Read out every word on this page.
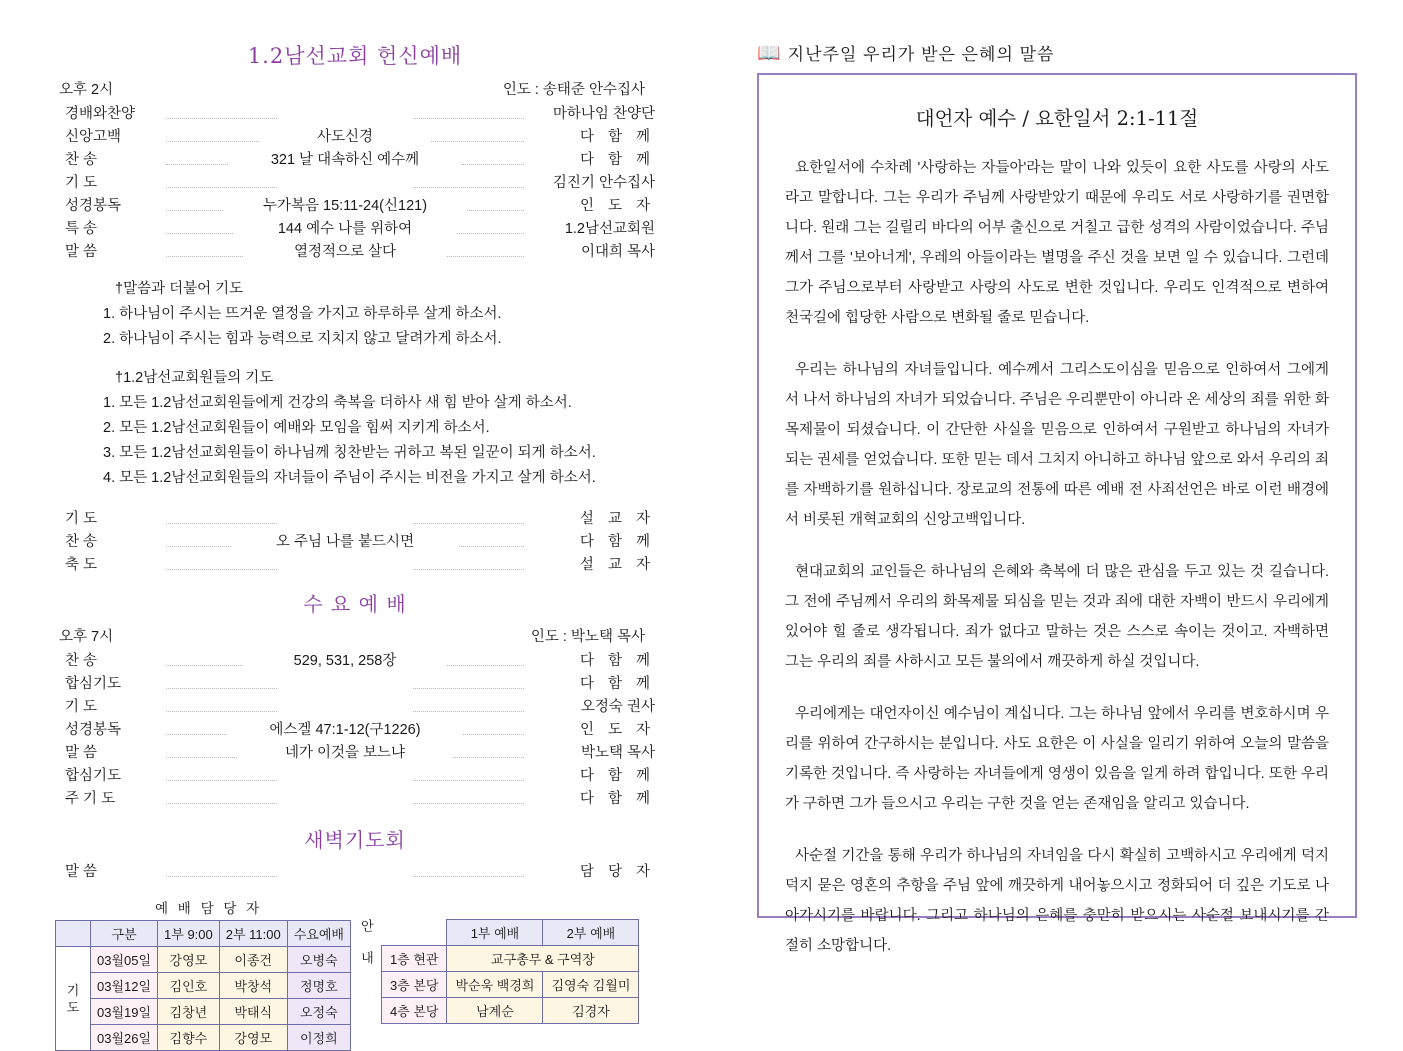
1.2남선교회 헌신예배
오후 2시	인도 : 송태준 안수집사
경배와찬양	마하나임 찬양단
신앙고백	사도신경	다 함 께
찬 송	321 날 대속하신 예수께	다 함 께
기 도	김진기 안수집사
성경봉독	누가복음 15:11-24(신121)	인 도 자
특 송	144 예수 나를 위하여	1.2남선교회원
말 씀	열정적으로 살다	이대희 목사
†말씀과 더불어 기도
1. 하나님이 주시는 뜨거운 열정을 가지고 하루하루 살게 하소서.
2. 하나님이 주시는 힘과 능력으로 지치지 않고 달려가게 하소서.
†1.2남선교회원들의 기도
1. 모든 1.2남선교회원들에게 건강의 축복을 더하사 새 힘 받아 살게 하소서.
2. 모든 1.2남선교회원들이 예배와 모임을 힘써 지키게 하소서.
3. 모든 1.2남선교회원들이 하나님께 칭찬받는 귀하고 복된 일꾼이 되게 하소서.
4. 모든 1.2남선교회원들의 자녀들이 주님이 주시는 비전을 가지고 살게 하소서.
기 도	설 교 자
찬 송	오 주님 나를 붙드시면	다 함 께
축 도	설 교 자
수 요 예 배
오후 7시	인도 : 박노택 목사
찬 송	529, 531, 258장	다 함 께
합심기도	다 함 께
기 도	오정숙 권사
성경봉독	에스겔 47:1-12(구1226)	인 도 자
말 씀	네가 이것을 보느냐	박노택 목사
합심기도	다 함 께
주 기 도	다 함 께
새벽기도회
말 씀	담 당 자
예 배 담 당 자
	구분	1부 9:00	2부 11:00	수요예배

기
도	03월05일	강영모	이종건	오병숙
	03월12일	김인호	박창석	정명호
	03월19일	김창년	박태식	오정숙
	03월26일	김향수	강영모	이정희
안 내
		1부 예배	2부 예배
1층 현관	교구총무 & 구역장	
3층 본당	박순욱 백경희	김영숙 김월미
4층 본당	남계순	김경자
📖 지난주일 우리가 받은 은혜의 말씀
대언자 예수 / 요한일서 2:1-11절

요한일서에 수차례 '사랑하는 자들아'라는 말이 나와 있듯이 요한 사도를 사랑의 사도라고 말합니다. 그는 우리가 주님께 사랑받았기 때문에 우리도 서로 사랑하기를 권면합니다. 원래 그는 길릴리 바다의 어부 출신으로 거칠고 급한 성격의 사람이었습니다. 주님께서 그를 '보아너게', 우레의 아들이라는 별명을 주신 것을 보면 일 수 있습니다. 그런데 그가 주님으로부터 사랑받고 사랑의 사도로 변한 것입니다. 우리도 인격적으로 변하여 천국길에 힙당한 사람으로 변화될 줄로 믿습니다.

우리는 하나님의 자녀들입니다. 예수께서 그리스도이심을 믿음으로 인하여서 그에게서 나서 하나님의 자녀가 되었습니다. 주님은 우리뿐만이 아니라 온 세상의 죄를 위한 화목제물이 되셨습니다. 이 간단한 사실을 믿음으로 인하여서 구원받고 하나님의 자녀가 되는 권세를 얻었습니다. 또한 믿는 데서 그치지 아니하고 하나님 앞으로 와서 우리의 죄를 자백하기를 원하십니다. 장로교의 전통에 따른 예배 전 사죄선언은 바로 이런 배경에서 비롯된 개혁교회의 신앙고백입니다.

현대교회의 교인들은 하나님의 은혜와 축복에 더 많은 관심을 두고 있는 것 길습니다. 그 전에 주님께서 우리의 화목제물 되심을 믿는 것과 죄에 대한 자백이 반드시 우리에게 있어야 힐 줄로 생각됩니다. 죄가 없다고 말하는 것은 스스로 속이는 것이고. 자백하면 그는 우리의 죄를 사하시고 모든 불의에서 깨끗하게 하실 것입니다.

우리에게는 대언자이신 예수님이 계십니다. 그는 하나님 앞에서 우리를 변호하시며 우리를 위하여 간구하시는 분입니다. 사도 요한은 이 사실을 일리기 위하여 오늘의 말씀을 기록한 것입니다. 즉 사랑하는 자녀들에게 영생이 있음을 일게 하려 합입니다. 또한 우리가 구하면 그가 들으시고 우리는 구한 것을 얻는 존재임을 알리고 있습니다.

사순절 기간을 통해 우리가 하나님의 자녀임을 다시 확실히 고백하시고 우리에게 덕지덕지 묻은 영혼의 추항을 주님 앞에 깨끗하게 내어놓으시고 정화되어 더 깊은 기도로 나아가시기를 바랍니다. 그리고 하나님의 은혜를 충만히 받으시는 사순절 보내시기를 간절히 소망합니다.
